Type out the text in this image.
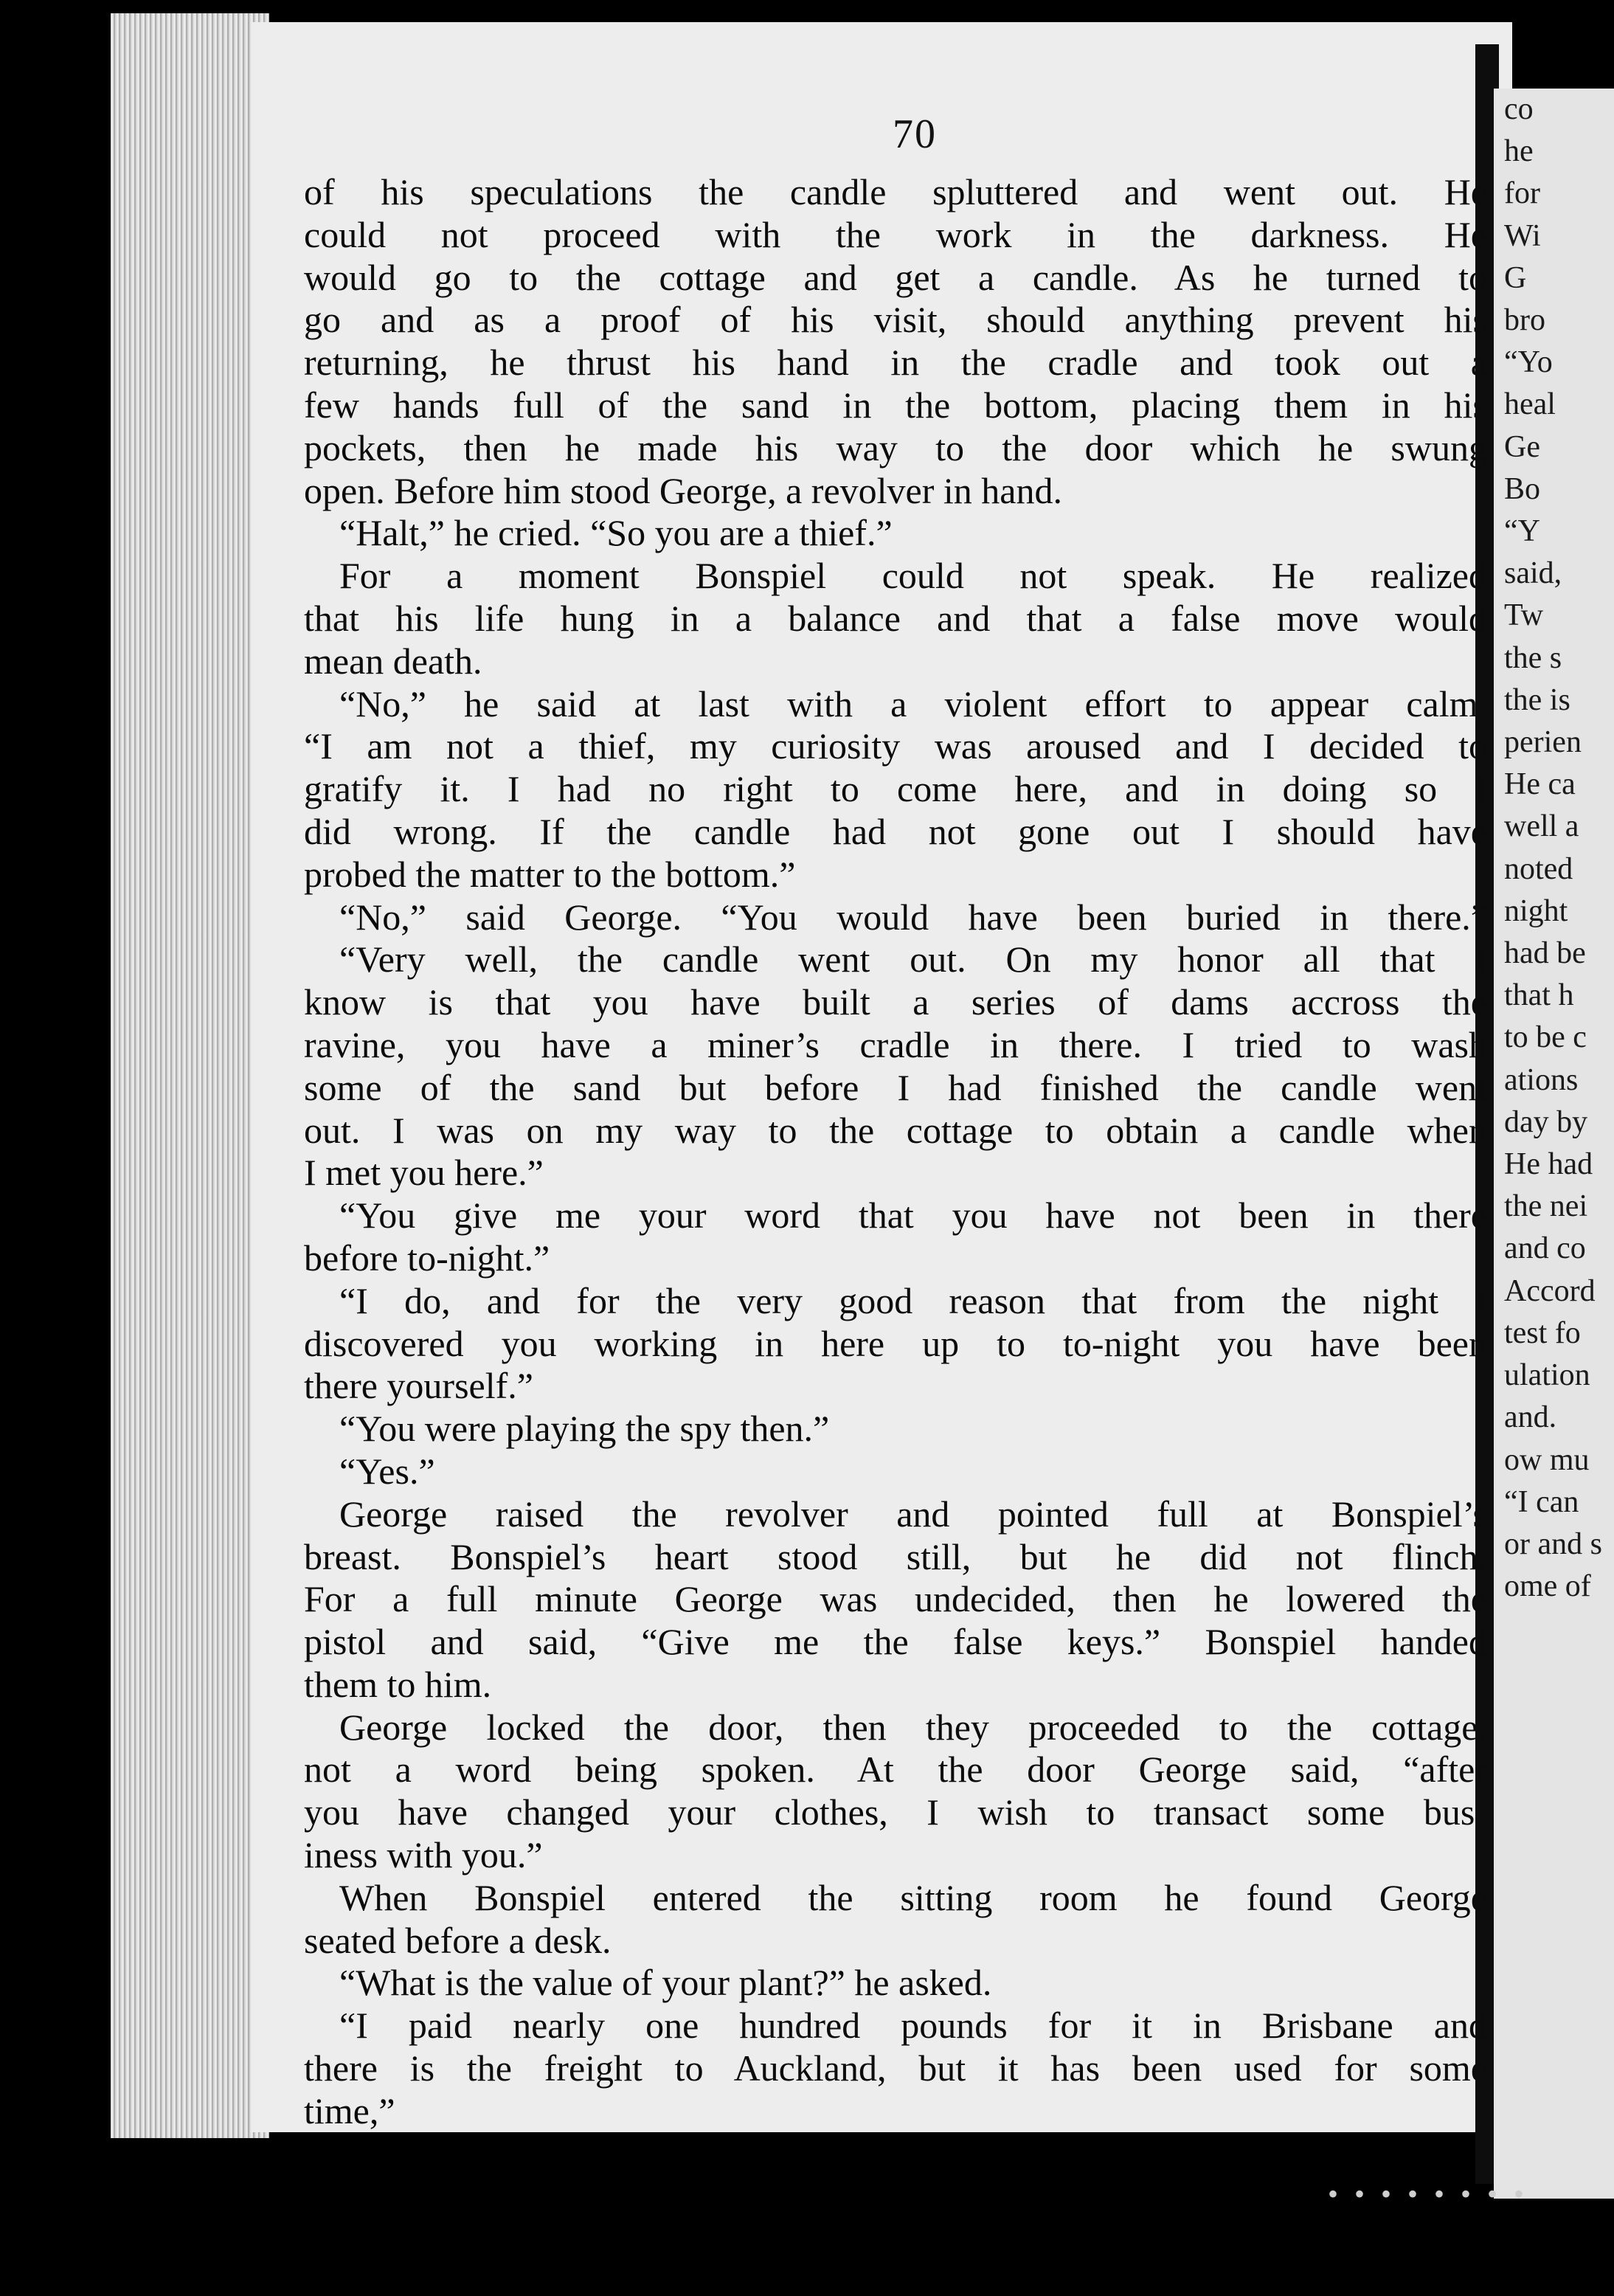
co
he
for
Wi
G
bro
“Yo
heal
Ge
Bo
“Y
said,
Tw
the s
the is
perien
He ca
well a
noted
night
had be
that h
to be c
ations
day by
He had
the nei
and co
Accord
test fo
ulation
and.
ow mu
“I can
or and s
ome of
70
of his speculations the candle spluttered and went out. He
could not proceed with the work in the darkness. He
would go to the cottage and get a candle. As he turned to
go and as a proof of his visit, should anything prevent his
returning, he thrust his hand in the cradle and took out a
few hands full of the sand in the bottom, placing them in his
pockets, then he made his way to the door which he swung
open. Before him stood George, a revolver in hand.
“Halt,” he cried. “So you are a thief.”
For a moment Bonspiel could not speak. He realized
that his life hung in a balance and that a false move would
mean death.
“No,” he said at last with a violent effort to appear calm.
“I am not a thief, my curiosity was aroused and I decided to
gratify it. I had no right to come here, and in doing so I
did wrong. If the candle had not gone out I should have
probed the matter to the bottom.”
“No,” said George. “You would have been buried in there.”
“Very well, the candle went out. On my honor all that I
know is that you have built a series of dams accross the
ravine, you have a miner’s cradle in there. I tried to wash
some of the sand but before I had finished the candle went
out. I was on my way to the cottage to obtain a candle when
I met you here.”
“You give me your word that you have not been in there
before to-night.”
“I do, and for the very good reason that from the night I
discovered you working in here up to to-night you have been
there yourself.”
“You were playing the spy then.”
“Yes.”
George raised the revolver and pointed full at Bonspiel’s
breast. Bonspiel’s heart stood still, but he did not flinch.
For a full minute George was undecided, then he lowered the
pistol and said, “Give me the false keys.” Bonspiel handed
them to him.
George locked the door, then they proceeded to the cottage,
not a word being spoken. At the door George said, “after
you have changed your clothes, I wish to transact some bus-
iness with you.”
When Bonspiel entered the sitting room he found George
seated before a desk.
“What is the value of your plant?” he asked.
“I paid nearly one hundred pounds for it in Brisbane and
there is the freight to Auckland, but it has been used for some
time,”
• • • • • • • •
